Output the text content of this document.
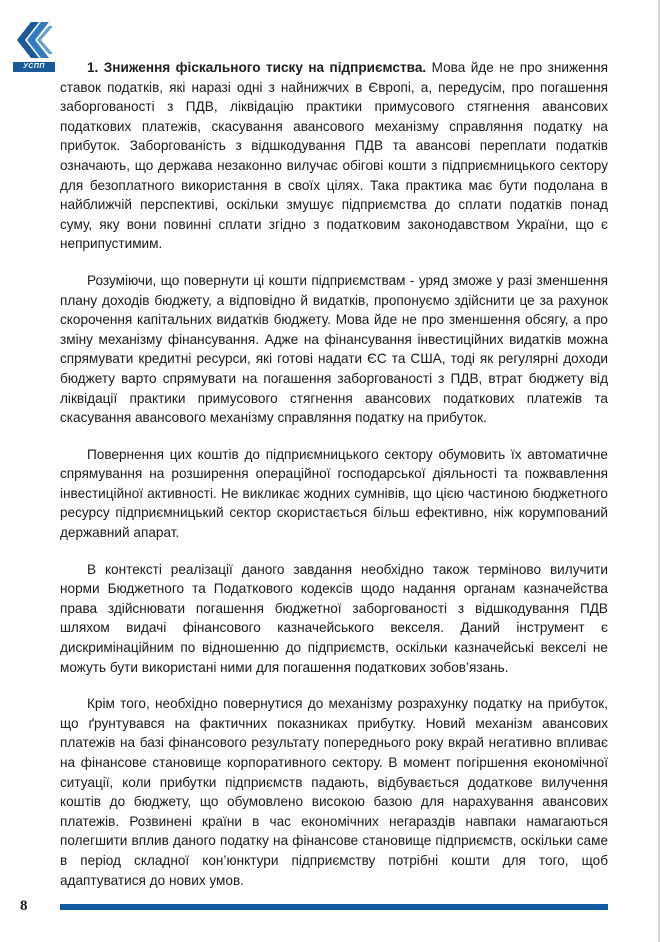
УСПП	1. Зниження фіскального тиску на підприємства. Мова йде не про зниження ставок податків, які наразі одні з найнижчих в Європі, а, передусім, про погашення заборгованості з ПДВ, ліквідацію практики примусового стягнення авансових податкових платежів, скасування авансового механізму справляння податку на прибуток. Заборгованість з відшкодування ПДВ та авансові переплати податків означають, що держава незаконно вилучає обігові кошти з підприємницького сектору для безоплатного використання в своїх цілях. Така практика має бути подолана в найближчій перспективі, оскільки змушує підприємства до сплати податків понад суму, яку вони повинні сплати згідно з податковим законодавством України, що є неприпустимим.

Розуміючи, що повернути ці кошти підприємствам - уряд зможе у разі зменшення плану доходів бюджету, а відповідно й видатків, пропонуємо здійснити це за рахунок скорочення капітальних видатків бюджету. Мова йде не про зменшення обсягу, а про зміну механізму фінансування. Адже на фінансування інвестиційних видатків можна спрямувати кредитні ресурси, які готові надати ЄС та США, тоді як регулярні доходи бюджету варто спрямувати на погашення заборгованості з ПДВ, втрат бюджету від ліквідації практики примусового стягнення авансових податкових платежів та скасування авансового механізму справляння податку на прибуток.

Повернення цих коштів до підприємницького сектору обумовить їх автоматичне спрямування на розширення операційної господарської діяльності та пожвавлення інвестиційної активності. Не викликає жодних сумнівів, що цією частиною бюджетного ресурсу підприємницький сектор скористається більш ефективно, ніж корумпований державний апарат.

В контексті реалізації даного завдання необхідно також терміново вилучити норми Бюджетного та Податкового кодексів щодо надання органам казначейства права здійснювати погашення бюджетної заборгованості з відшкодування ПДВ шляхом видачі фінансового казначейського векселя. Даний інструмент є дискримінаційним по відношенню до підприємств, оскільки казначейські векселі не можуть бути використані ними для погашення податкових зобов’язань.

Крім того, необхідно повернутися до механізму розрахунку податку на прибуток, що ґрунтувався на фактичних показниках прибутку. Новий механізм авансових платежів на базі фінансового результату попереднього року вкрай негативно впливає на фінансове становище корпоративного сектору. В момент погіршення економічної ситуації, коли прибутки підприємств падають, відбувається додаткове вилучення коштів до бюджету, що обумовлено високою базою для нарахування авансових платежів. Розвинені країни в час економічних негараздів навпаки намагаються полегшити вплив даного податку на фінансове становище підприємств, оскільки саме в період складної кон’юнктури підприємству потрібні кошти для того, щоб адаптуватися до нових умов.

8
